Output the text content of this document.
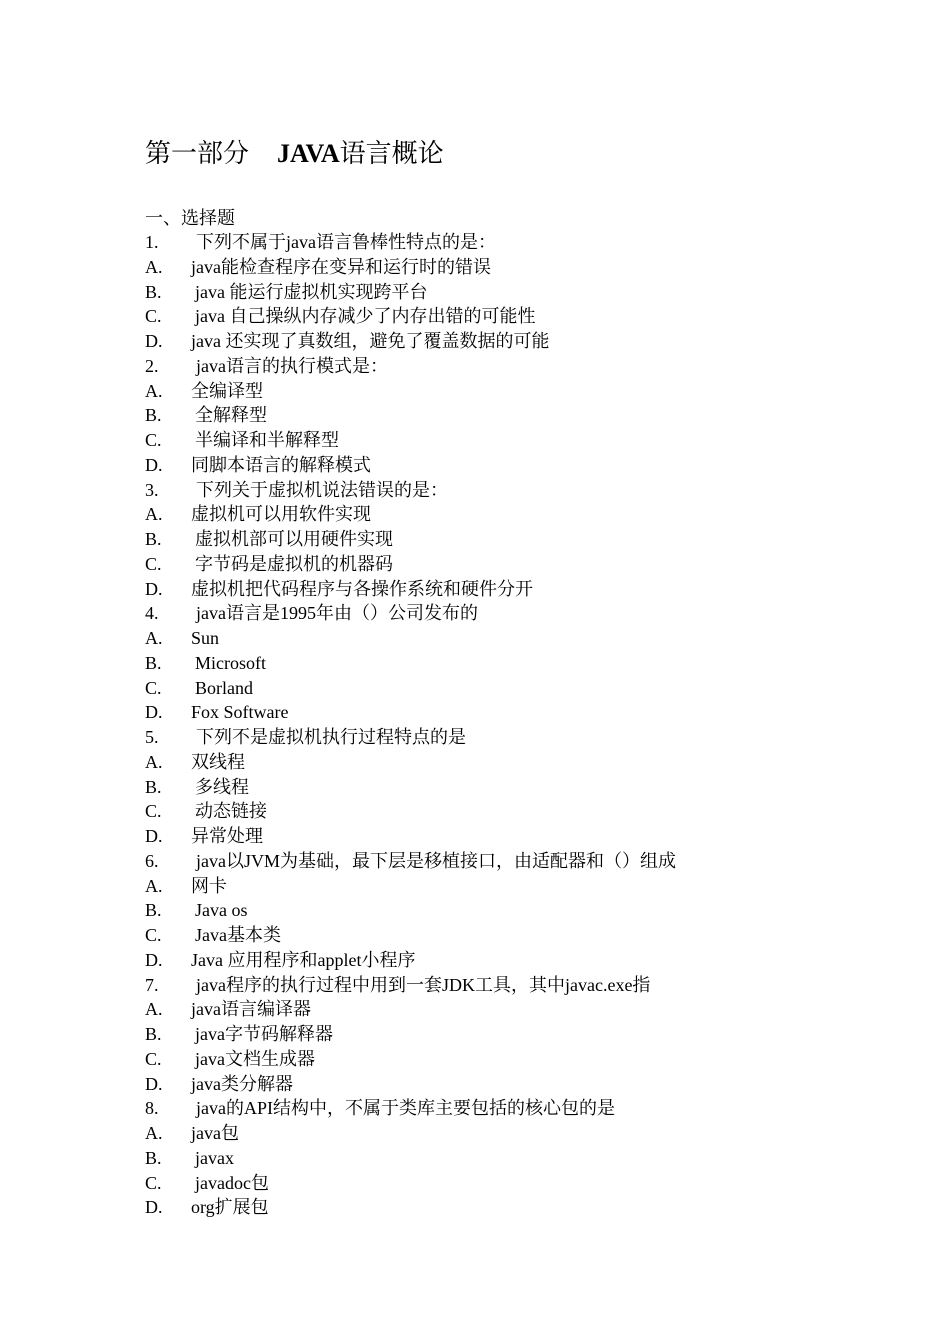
第一部分 JAVA语言概论
一、选择题
1.	下列不属于java语言鲁棒性特点的是：
A.	java能检查程序在变异和运行时的错误
B.	java 能运行虚拟机实现跨平台
C.	java 自己操纵内存减少了内存出错的可能性
D.	java 还实现了真数组，避免了覆盖数据的可能
2.	java语言的执行模式是：
A.	全编译型
B.	全解释型
C.	半编译和半解释型
D.	同脚本语言的解释模式
3.	下列关于虚拟机说法错误的是：
A.	虚拟机可以用软件实现
B.	虚拟机部可以用硬件实现
C.	字节码是虚拟机的机器码
D.	虚拟机把代码程序与各操作系统和硬件分开
4.	java语言是1995年由（）公司发布的
A.	Sun
B.	Microsoft
C.	Borland
D.	Fox Software
5.	下列不是虚拟机执行过程特点的是
A.	双线程
B.	多线程
C.	动态链接
D.	异常处理
6.	java以JVM为基础，最下层是移植接口，由适配器和（）组成
A.	网卡
B.	Java os
C.	Java基本类
D.	Java 应用程序和applet小程序
7.	java程序的执行过程中用到一套JDK工具，其中javac.exe指
A.	java语言编译器
B.	java字节码解释器
C.	java文档生成器
D.	java类分解器
8.	java的API结构中，不属于类库主要包括的核心包的是
A.	java包
B.	javax
C.	javadoc包
D.	org扩展包
